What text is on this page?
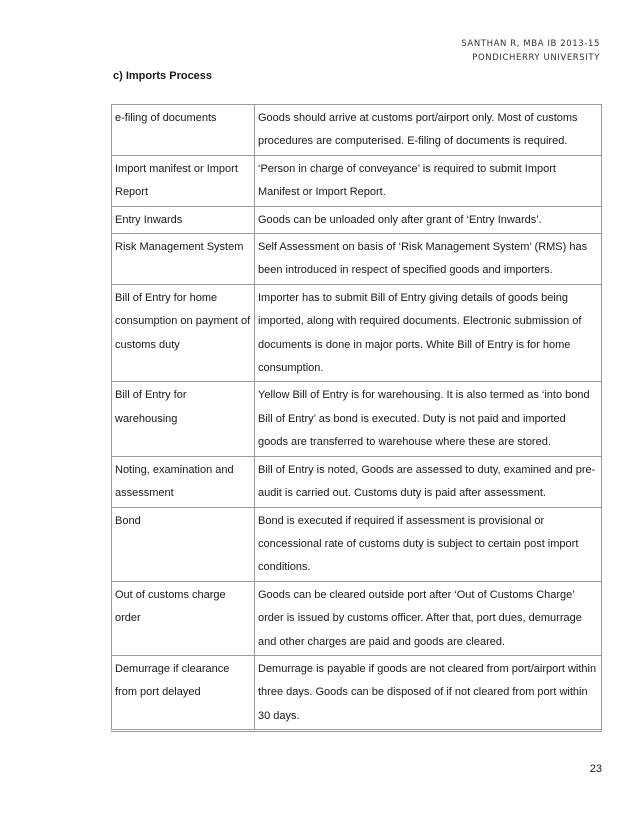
SANTHAN R, MBA IB 2013-15
PONDICHERRY UNIVERSITY
c) Imports Process
e-filing of documents	Goods should arrive at customs port/airport only. Most of customs procedures are computerised. E-filing of documents is required.
Import manifest or Import Report	‘Person in charge of conveyance’ is required to submit Import Manifest or Import Report.
Entry Inwards	Goods can be unloaded only after grant of ‘Entry Inwards’.
Risk Management System	Self Assessment on basis of ‘Risk Management System’ (RMS) has been introduced in respect of specified goods and importers.
Bill of Entry for home consumption on payment of customs duty	Importer has to submit Bill of Entry giving details of goods being imported, along with required documents. Electronic submission of documents is done in major ports. White Bill of Entry is for home consumption.
Bill of Entry for warehousing	Yellow Bill of Entry is for warehousing. It is also termed as ‘into bond Bill of Entry’ as bond is executed. Duty is not paid and imported goods are transferred to warehouse where these are stored.
Noting, examination and assessment	Bill of Entry is noted, Goods are assessed to duty, examined and pre-audit is carried out. Customs duty is paid after assessment.
Bond	Bond is executed if required if assessment is provisional or concessional rate of customs duty is subject to certain post import conditions.
Out of customs charge order	Goods can be cleared outside port after ‘Out of Customs Charge’ order is issued by customs officer. After that, port dues, demurrage and other charges are paid and goods are cleared.
Demurrage if clearance from port delayed	Demurrage is payable if goods are not cleared from port/airport within three days. Goods can be disposed of if not cleared from port within 30 days.
23
